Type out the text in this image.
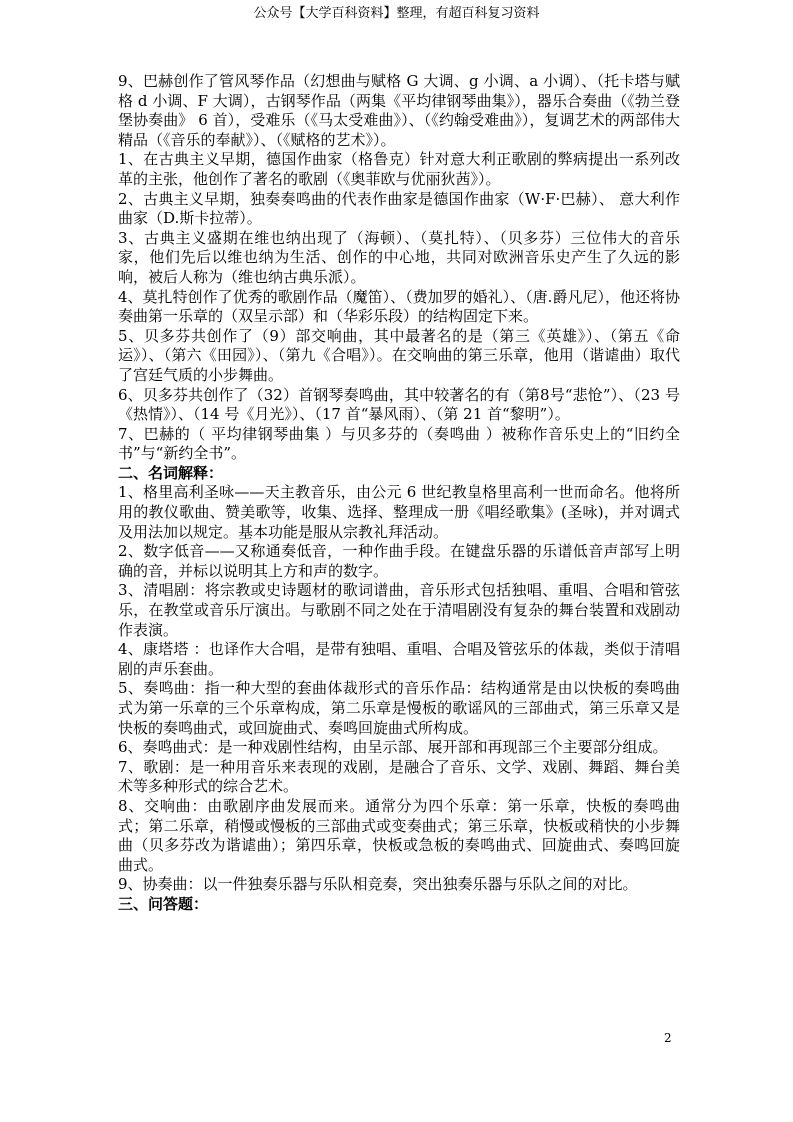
公众号【大学百科资料】整理，有超百科复习资料

9、巴赫创作了管风琴作品（幻想曲与赋格 G 大调、g 小调、a 小调）、（托卡塔与赋格 d 小调、F 大调），古钢琴作品（两集《平均律钢琴曲集》），器乐合奏曲（《勃兰登堡协奏曲》 6 首），受难乐（《马太受难曲》）、（《约翰受难曲》），复调艺术的两部伟大精品（《音乐的奉献》）、（《赋格的艺术》）。

1、在古典主义早期，德国作曲家（格鲁克）针对意大利正歌剧的弊病提出一系列改革的主张，他创作了著名的歌剧（《奥菲欧与优丽狄茜》）。

2、古典主义早期，独奏奏鸣曲的代表作曲家是德国作曲家（W·F·巴赫）、 意大利作曲家（D.斯卡拉蒂）。

3、古典主义盛期在维也纳出现了（海顿）、（莫扎特）、（贝多芬）三位伟大的音乐家，他们先后以维也纳为生活、创作的中心地，共同对欧洲音乐史产生了久远的影响，被后人称为（维也纳古典乐派）。

4、莫扎特创作了优秀的歌剧作品（魔笛）、（费加罗的婚礼）、（唐.爵凡尼），他还将协奏曲第一乐章的（双呈示部）和（华彩乐段）的结构固定下来。

5、贝多芬共创作了（9）部交响曲，其中最著名的是（第三《英雄》）、（第五《命运》）、（第六《田园》）、（第九《合唱》）。在交响曲的第三乐章，他用（谐谑曲）取代了宫廷气质的小步舞曲。

6、贝多芬共创作了（32）首钢琴奏鸣曲，其中较著名的有（第8号“悲怆”）、（23 号《热情》）、（14 号《月光》）、（17 首“暴风雨）、（第 21 首“黎明”）。

7、巴赫的（ 平均律钢琴曲集 ）与贝多芬的（奏鸣曲 ）被称作音乐史上的“旧约全书”与“新约全书”。

二、名词解释：

1、格里高利圣咏——天主教音乐，由公元 6 世纪教皇格里高利一世而命名。他将所用的教仪歌曲、赞美歌等，收集、选择、整理成一册《唱经歌集》(圣咏)，并对调式及用法加以规定。基本功能是服从宗教礼拜活动。

2、数字低音——又称通奏低音，一种作曲手段。在键盘乐器的乐谱低音声部写上明确的音，并标以说明其上方和声的数字。

3、清唱剧：将宗教或史诗题材的歌词谱曲，音乐形式包括独唱、重唱、合唱和管弦乐，在教堂或音乐厅演出。与歌剧不同之处在于清唱剧没有复杂的舞台装置和戏剧动作表演。

4、康塔塔 ：也译作大合唱，是带有独唱、重唱、合唱及管弦乐的体裁，类似于清唱剧的声乐套曲。

5、奏鸣曲：指一种大型的套曲体裁形式的音乐作品：结构通常是由以快板的奏鸣曲式为第一乐章的三个乐章构成，第二乐章是慢板的歌谣风的三部曲式，第三乐章又是快板的奏鸣曲式，或回旋曲式、奏鸣回旋曲式所构成。

6、奏鸣曲式：是一种戏剧性结构，由呈示部、展开部和再现部三个主要部分组成。

7、歌剧：是一种用音乐来表现的戏剧，是融合了音乐、文学、戏剧、舞蹈、舞台美术等多种形式的综合艺术。

8、交响曲：由歌剧序曲发展而来。通常分为四个乐章：第一乐章，快板的奏鸣曲式；第二乐章，稍慢或慢板的三部曲式或变奏曲式；第三乐章，快板或稍快的小步舞曲（贝多芬改为谐谑曲）；第四乐章，快板或急板的奏鸣曲式、回旋曲式、奏鸣回旋曲式。

9、协奏曲：以一件独奏乐器与乐队相竞奏，突出独奏乐器与乐队之间的对比。

三、问答题：

2
